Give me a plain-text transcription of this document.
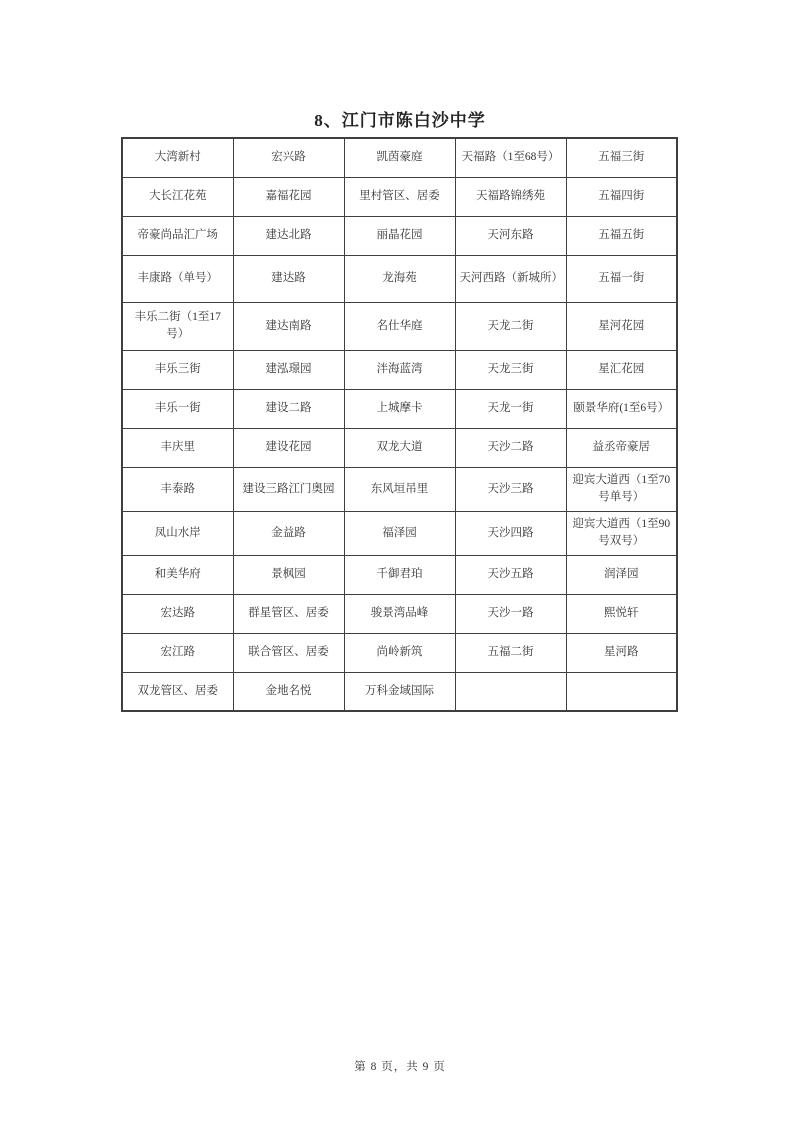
8、江门市陈白沙中学
大湾新村	宏兴路	凯茵豪庭	天福路（1至68号）	五福三街
大长江花苑	嘉福花园	里村管区、居委	天福路锦绣苑	五福四街
帝豪尚品汇广场	建达北路	丽晶花园	天河东路	五福五街
丰康路（单号）	建达路	龙海苑	天河西路（新城所）	五福一街
丰乐二街（1至17号）	建达南路	名仕华庭	天龙二街	星河花园
丰乐三街	建泓璟园	泮海蓝湾	天龙三街	星汇花园
丰乐一街	建设二路	上城摩卡	天龙一街	颐景华府(1至6号）
丰庆里	建设花园	双龙大道	天沙二路	益丞帝豪居
丰泰路	建设三路江门奥园	东风垣吊里	天沙三路	迎宾大道西（1至70号单号）
凤山水岸	金益路	福泽园	天沙四路	迎宾大道西（1至90号双号）
和美华府	景枫园	千御君珀	天沙五路	润泽园
宏达路	群星管区、居委	骏景湾品峰	天沙一路	熙悦轩
宏江路	联合管区、居委	尚岭新筑	五福二街	星河路
双龙管区、居委	金地名悦	万科金域国际		
第 8 页，共 9 页
